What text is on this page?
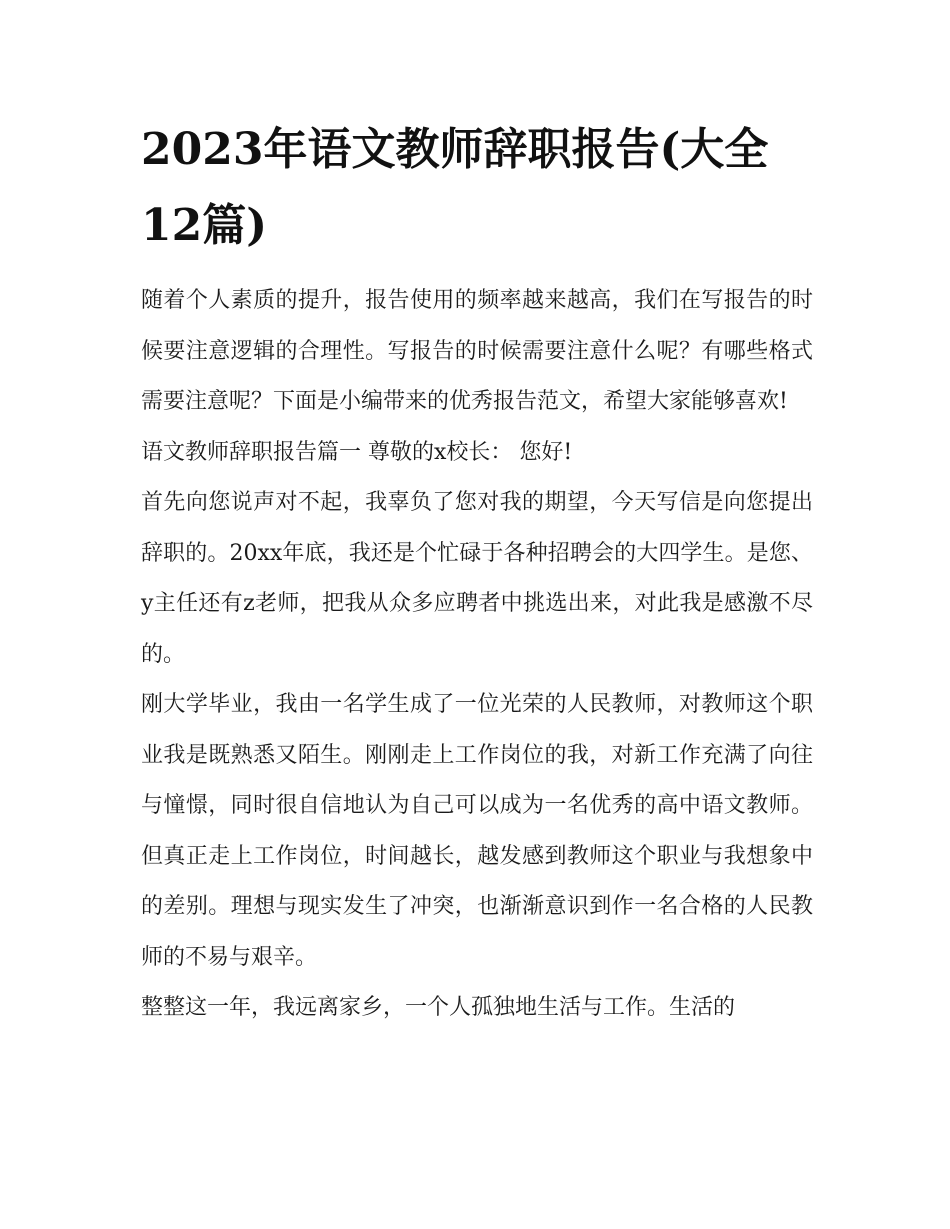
2023年语文教师辞职报告(大全12篇)

随着个人素质的提升，报告使用的频率越来越高，我们在写报告的时候要注意逻辑的合理性。写报告的时候需要注意什么呢？有哪些格式需要注意呢？下面是小编带来的优秀报告范文，希望大家能够喜欢!

语文教师辞职报告篇一 尊敬的x校长： 您好!

首先向您说声对不起，我辜负了您对我的期望，今天写信是向您提出辞职的。20xx年底，我还是个忙碌于各种招聘会的大四学生。是您、y主任还有z老师，把我从众多应聘者中挑选出来，对此我是感激不尽的。

刚大学毕业，我由一名学生成了一位光荣的人民教师，对教师这个职业我是既熟悉又陌生。刚刚走上工作岗位的我，对新工作充满了向往与憧憬，同时很自信地认为自己可以成为一名优秀的高中语文教师。但真正走上工作岗位，时间越长，越发感到教师这个职业与我想象中的差别。理想与现实发生了冲突，也渐渐意识到作一名合格的人民教师的不易与艰辛。

整整这一年，我远离家乡，一个人孤独地生活与工作。生活的
